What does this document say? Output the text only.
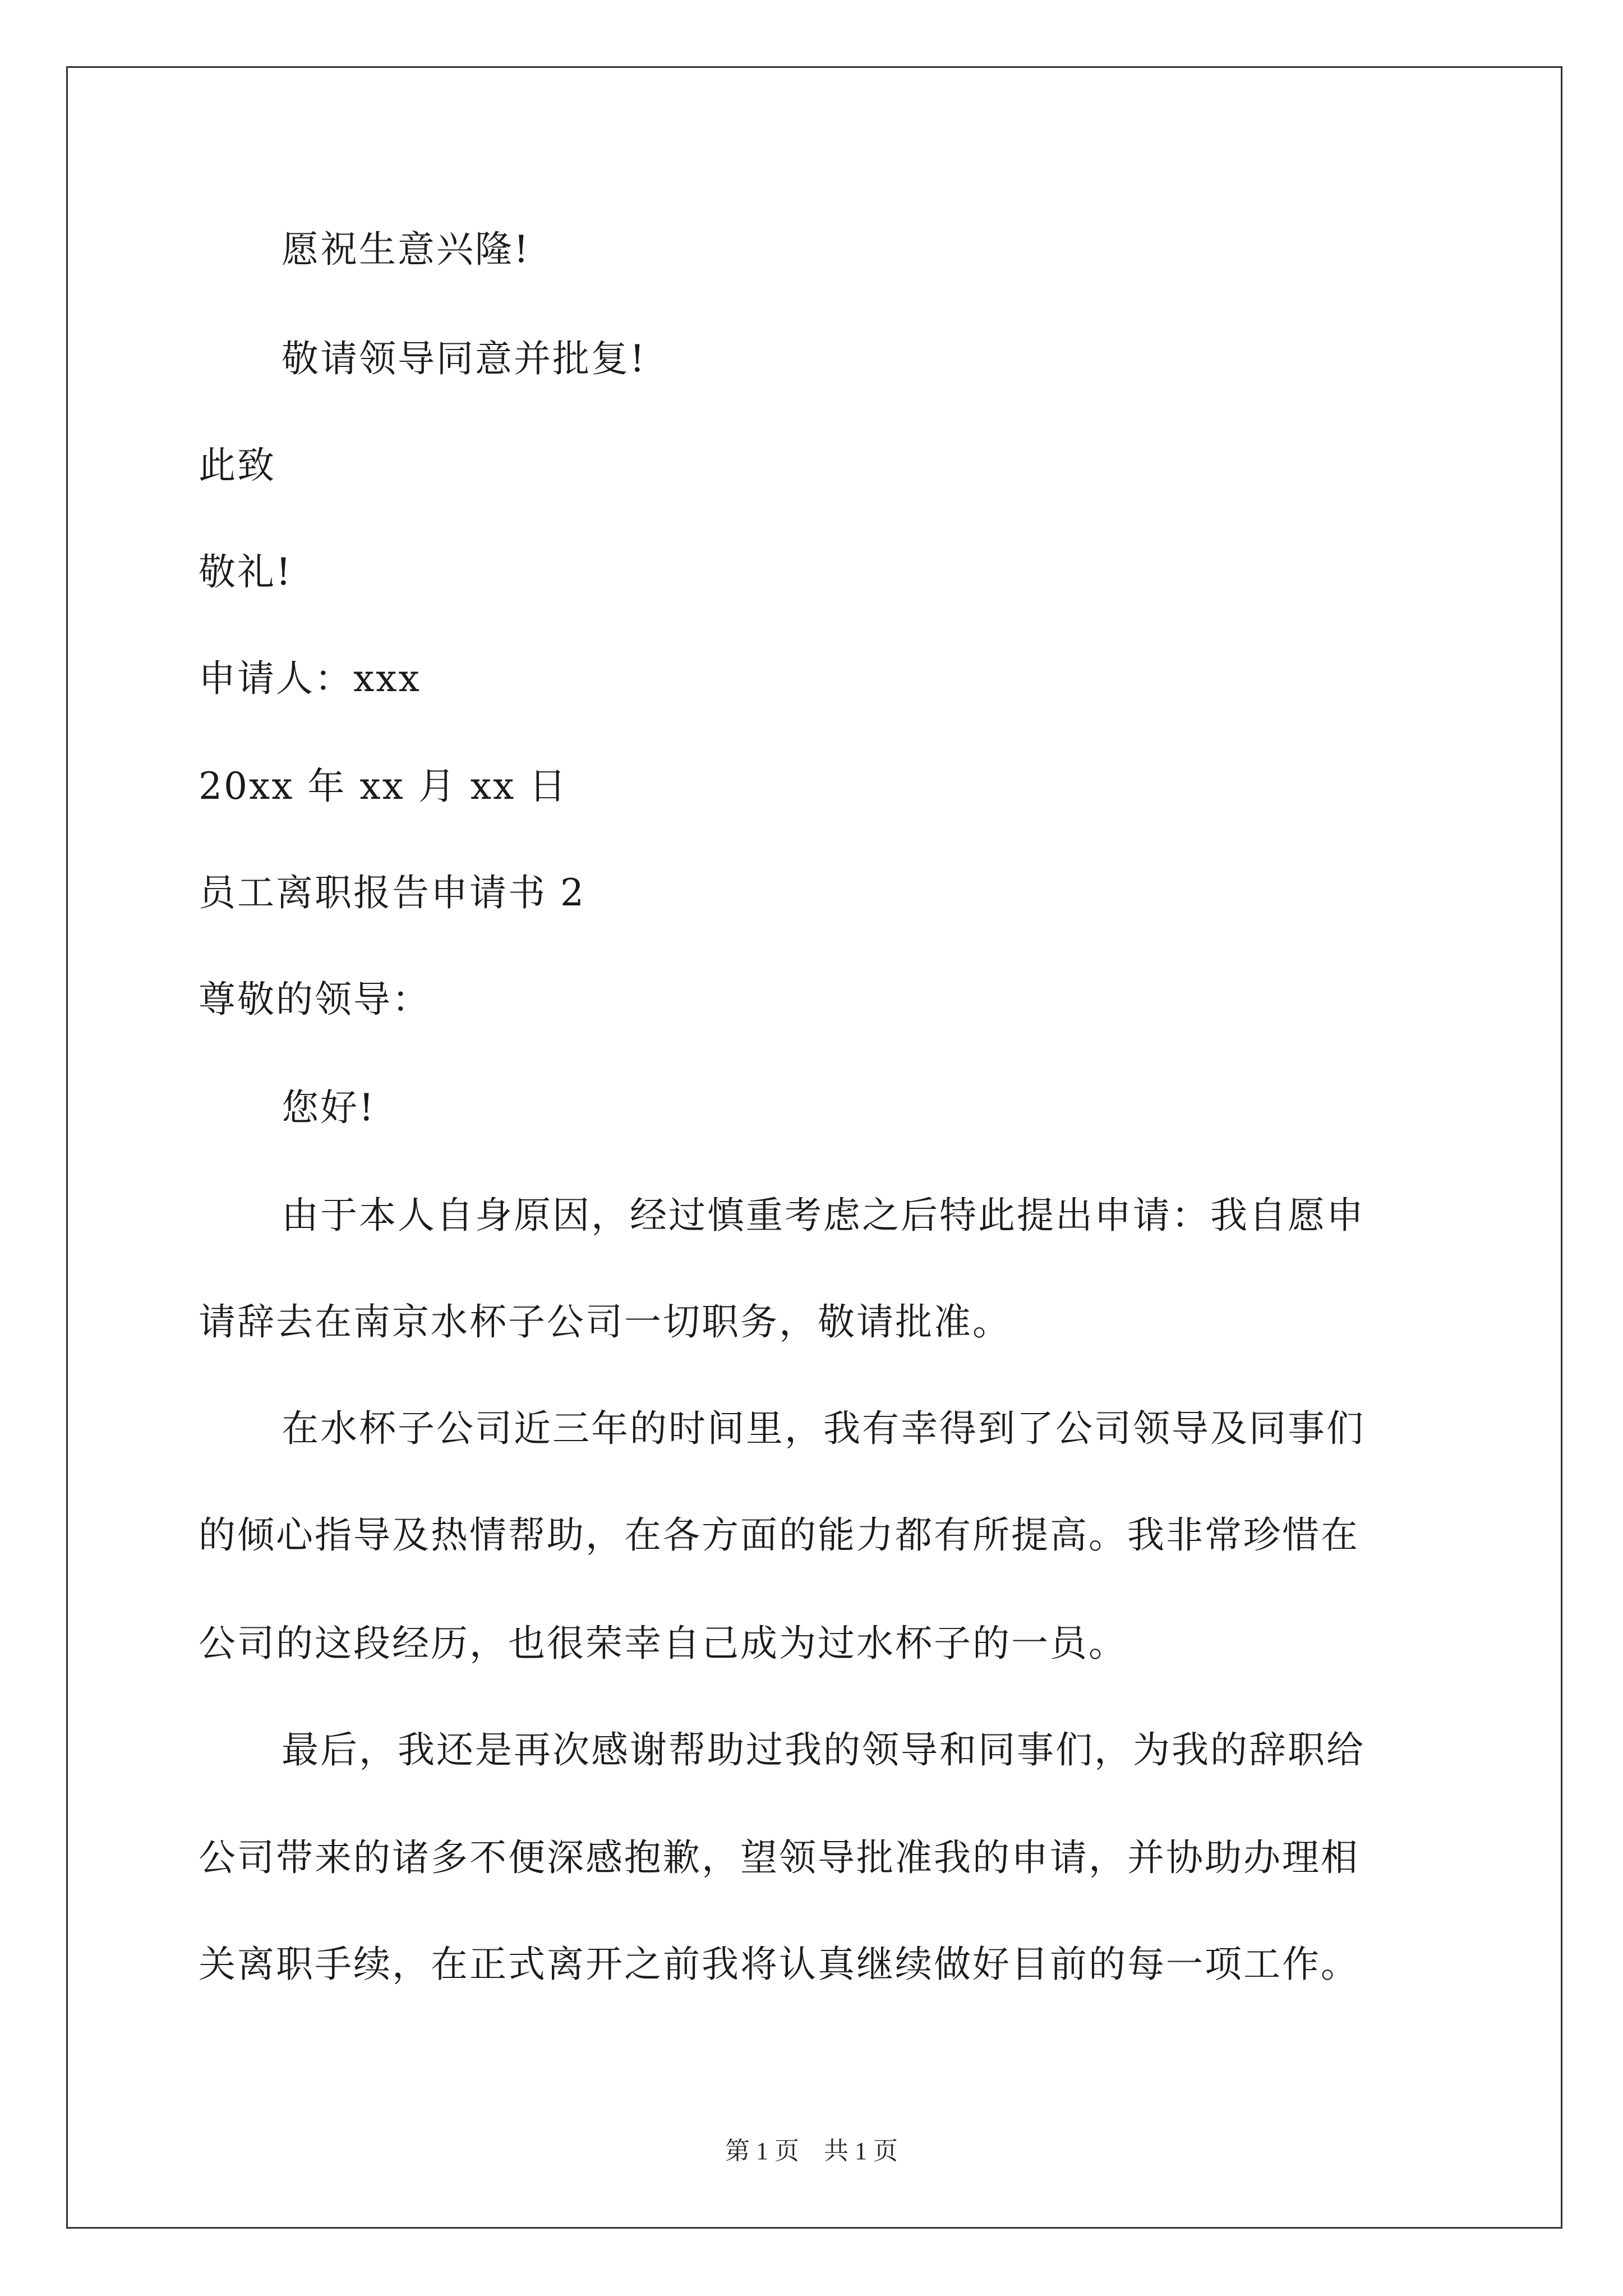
愿祝生意兴隆!
敬请领导同意并批复!
此致
敬礼!
申请人：xxx
20xx 年 xx 月 xx 日
员工离职报告申请书 2
尊敬的领导：
您好!
由于本人自身原因，经过慎重考虑之后特此提出申请：我自愿申
请辞去在南京水杯子公司一切职务，敬请批准。
在水杯子公司近三年的时间里，我有幸得到了公司领导及同事们
的倾心指导及热情帮助，在各方面的能力都有所提高。我非常珍惜在
公司的这段经历，也很荣幸自己成为过水杯子的一员。
最后，我还是再次感谢帮助过我的领导和同事们，为我的辞职给
公司带来的诸多不便深感抱歉，望领导批准我的申请，并协助办理相
关离职手续，在正式离开之前我将认真继续做好目前的每一项工作。
第 1 页　共 1 页
